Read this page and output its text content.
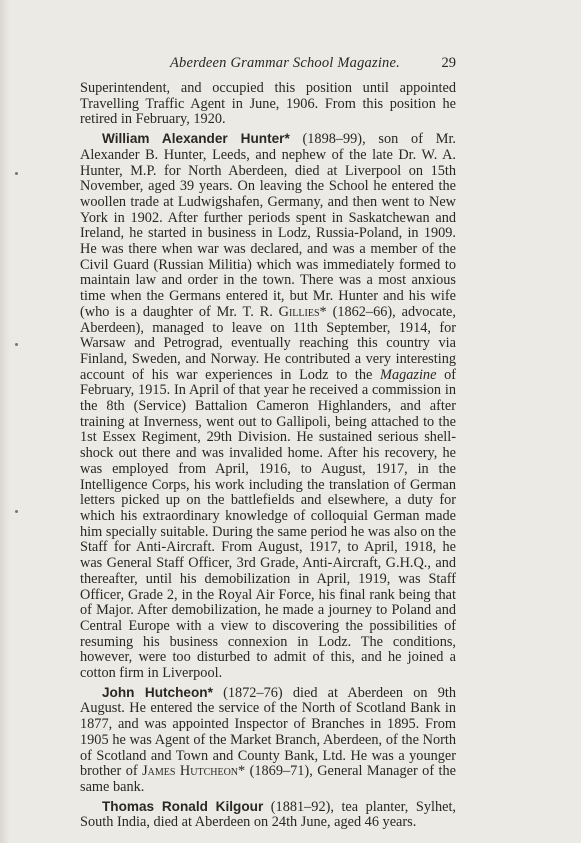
Aberdeen Grammar School Magazine.	29

Superintendent, and occupied this position until appointed Travelling Traffic Agent in June, 1906. From this position he retired in February, 1920.

William Alexander Hunter* (1898–99), son of Mr. Alexander B. Hunter, Leeds, and nephew of the late Dr. W. A. Hunter, M.P. for North Aberdeen, died at Liverpool on 15th November, aged 39 years. On leaving the School he entered the woollen trade at Ludwigshafen, Germany, and then went to New York in 1902. After further periods spent in Saskatchewan and Ireland, he started in business in Lodz, Russia-Poland, in 1909. He was there when war was declared, and was a member of the Civil Guard (Russian Militia) which was immediately formed to maintain law and order in the town. There was a most anxious time when the Germans entered it, but Mr. Hunter and his wife (who is a daughter of Mr. T. R. Gillies* (1862–66), advocate, Aberdeen), managed to leave on 11th September, 1914, for Warsaw and Petrograd, eventually reaching this country via Finland, Sweden, and Norway. He contributed a very interesting account of his war experiences in Lodz to the Magazine of February, 1915. In April of that year he received a commission in the 8th (Service) Battalion Cameron Highlanders, and after training at Inverness, went out to Gallipoli, being attached to the 1st Essex Regiment, 29th Division. He sustained serious shell-shock out there and was invalided home. After his recovery, he was employed from April, 1916, to August, 1917, in the Intelligence Corps, his work including the translation of German letters picked up on the battlefields and elsewhere, a duty for which his extraordinary knowledge of colloquial German made him specially suitable. During the same period he was also on the Staff for Anti-Aircraft. From August, 1917, to April, 1918, he was General Staff Officer, 3rd Grade, Anti-Aircraft, G.H.Q., and thereafter, until his demobilization in April, 1919, was Staff Officer, Grade 2, in the Royal Air Force, his final rank being that of Major. After demobilization, he made a journey to Poland and Central Europe with a view to discovering the possibilities of resuming his business connexion in Lodz. The conditions, however, were too disturbed to admit of this, and he joined a cotton firm in Liverpool.

John Hutcheon* (1872–76) died at Aberdeen on 9th August. He entered the service of the North of Scotland Bank in 1877, and was appointed Inspector of Branches in 1895. From 1905 he was Agent of the Market Branch, Aberdeen, of the North of Scotland and Town and County Bank, Ltd. He was a younger brother of James Hutcheon* (1869–71), General Manager of the same bank.

Thomas Ronald Kilgour (1881–92), tea planter, Sylhet, South India, died at Aberdeen on 24th June, aged 46 years.
